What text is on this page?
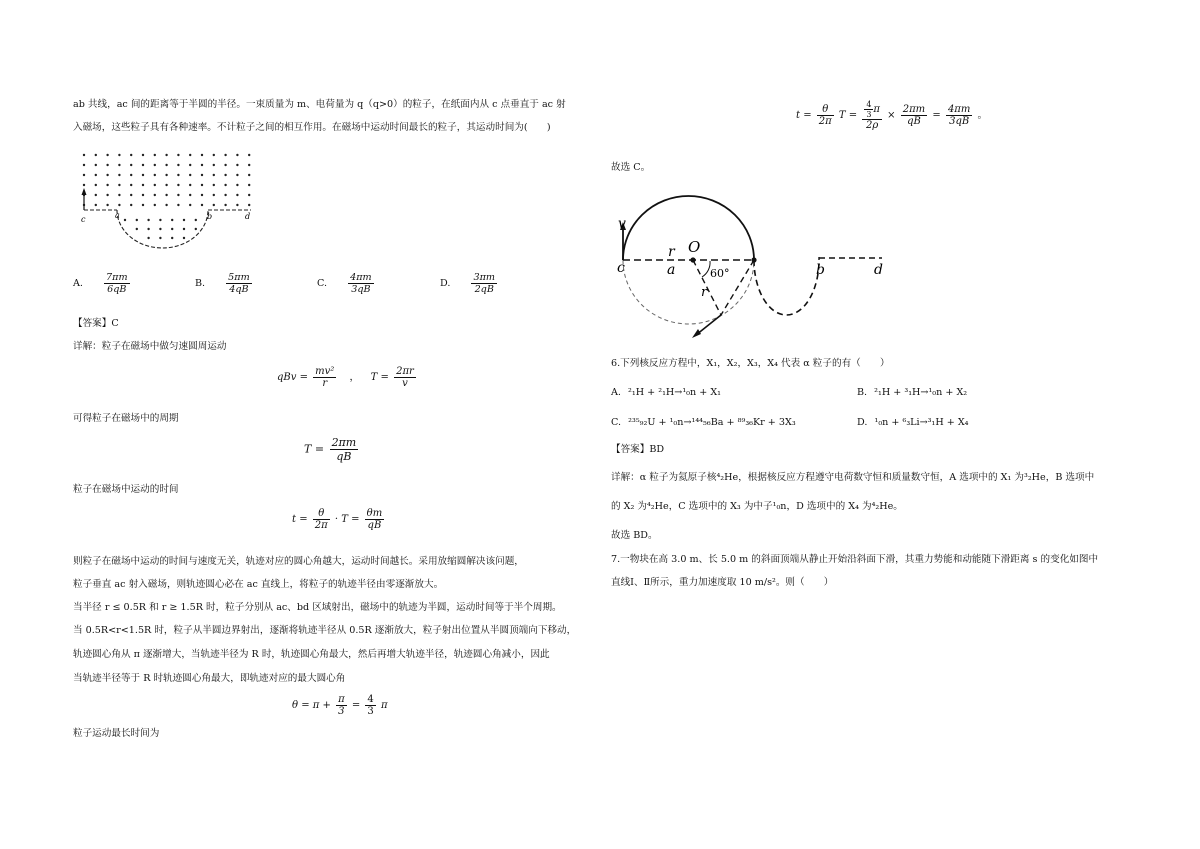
ab 共线，ac 间的距离等于半圆的半径。一束质量为 m、电荷量为 q（q>0）的粒子，在纸面内从 c 点垂直于 ac 射
入磁场，这些粒子具有各种速率。不计粒子之间的相互作用。在磁场中运动时间最长的粒子，其运动时间为(　　)
c	a	b	d
A. $\frac{7\pi m}{6qB}$	B. $\frac{5\pi m}{4qB}$	C. $\frac{4\pi m}{3qB}$	D. $\frac{3\pi m}{2qB}$
【答案】C
详解：粒子在磁场中做匀速圆周运动
qBv = $\frac{\text{mv²}}{r}$ ， $T = \frac{2\pi r}{v}$
可得粒子在磁场中的周期
$T = \frac{2\pi m}{qB}$
粒子在磁场中运动的时间
$t = \frac{\theta}{2\pi} \cdot T = \frac{\theta m}{qB}$
则粒子在磁场中运动的时间与速度无关，轨迹对应的圆心角越大，运动时间越长。采用放缩圆解决该问题，
粒子垂直 ac 射入磁场，则轨迹圆心必在 ac 直线上，将粒子的轨迹半径由零逐渐放大。
当半径 r ≤ 0.5R 和 r ≥ 1.5R 时，粒子分别从 ac、bd 区域射出，磁场中的轨迹为半圆，运动时间等于半个周期。
当 0.5R<r<1.5R 时，粒子从半圆边界射出，逐渐将轨迹半径从 0.5R 逐渐放大，粒子射出位置从半圆顶端向下移动，
轨迹圆心角从 π 逐渐增大，当轨迹半径为 R 时，轨迹圆心角最大，然后再增大轨迹半径，轨迹圆心角减小，因此
当轨迹半径等于 R 时轨迹圆心角最大，即轨迹对应的最大圆心角
$\theta = \pi + \frac{\pi}{3} = \frac{4}{3}$ π
粒子运动最长时间为
$t = \frac{\theta}{2\pi}$ $T = \frac{\frac{4}{3} \pi}{2\rho} \times \frac{2\pi m}{qB} = \frac{4\pi m}{3qB}$ 。
故选 C。
v
r O
c	a	60°
r
b	d
6.下列核反应方程中，X₁，X₂，X₃，X₄ 代表 α 粒子的有（　　）
A. ²₁H + ²₁H→¹₀n + X₁	B. ²₁H + ³₁H→¹₀n + X₂
C. ²³⁵₉₂U + ¹₀n→¹⁴⁴₅₆Ba + ⁸⁹₃₆Kr + 3X₃	D. ¹₀n + ⁶₃Li→³₁H + X₄
【答案】BD
详解：α 粒子为氦原子核⁴₂He，根据核反应方程遵守电荷数守恒和质量数守恒，A 选项中的 X₁ 为³₂He，B 选项中
的 X₂ 为⁴₂He，C 选项中的 X₃ 为中子¹₀n，D 选项中的 X₄ 为⁴₂He。
故选 BD。
7.一物块在高 3.0 m、长 5.0 m 的斜面顶端从静止开始沿斜面下滑，其重力势能和动能随下滑距离 s 的变化如图中
直线Ⅰ、Ⅱ所示，重力加速度取 10 m/s²。则（　　）
